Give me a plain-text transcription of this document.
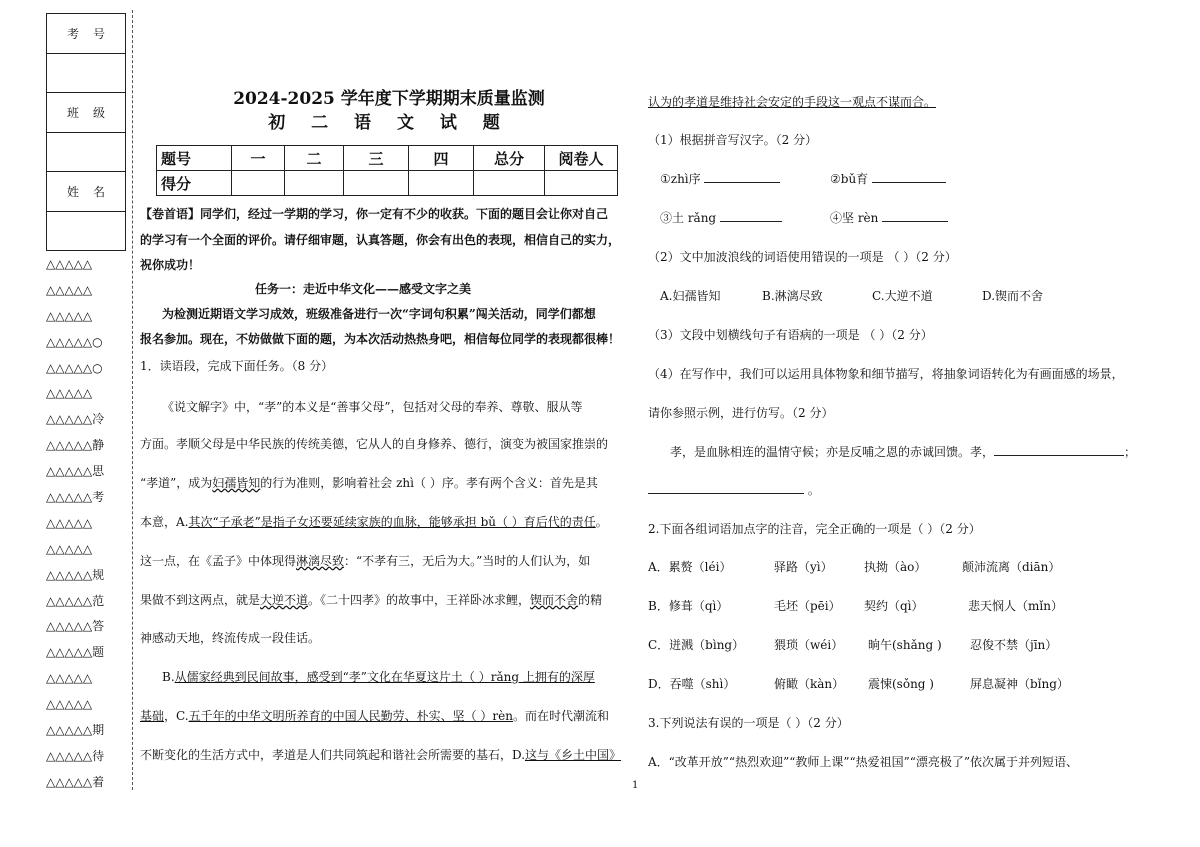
考号
班级
姓名
△△△△△
△△△△△
△△△△△
△△△△△○
△△△△△○
△△△△△
△△△△△冷
△△△△△静
△△△△△思
△△△△△考
△△△△△
△△△△△
△△△△△规
△△△△△范
△△△△△答
△△△△△题
△△△△△
△△△△△
△△△△△期
△△△△△待
△△△△△着
2024-2025 学年度下学期期末质量监测
初 二 语 文 试 题
题号	一	二	三	四	总分	阅卷人
得分						
【卷首语】同学们，经过一学期的学习，你一定有不少的收获。下面的题目会让你对自己
的学习有一个全面的评价。请仔细审题，认真答题，你会有出色的表现，相信自己的实力，
祝你成功！
任务一：走近中华文化——感受文字之美
为检测近期语文学习成效，班级准备进行一次“字词句积累”闯关活动，同学们都想
报名参加。现在，不妨做做下面的题，为本次活动热热身吧，相信每位同学的表现都很棒！
1．读语段，完成下面任务。（8 分）
《说文解字》中，“孝”的本义是“善事父母”，包括对父母的奉养、尊敬、服从等
方面。孝顺父母是中华民族的传统美德，它从人的自身修养、德行，演变为被国家推崇的
“孝道”，成为妇孺皆知的行为准则，影响着社会 zhì（ ）序。孝有两个含义：首先是其
本意，A.其次“子承老”是指子女还要延续家族的血脉，能够承担 bǔ（ ）育后代的责任。
这一点，在《孟子》中体现得淋漓尽致：“不孝有三，无后为大。”当时的人们认为，如
果做不到这两点，就是大逆不道。《二十四孝》的故事中，王祥卧冰求鲤，锲而不舍的精
神感动天地，终流传成一段佳话。
B.从儒家经典到民间故事，感受到“孝”文化在华夏这片土（ ）rǎng 上拥有的深厚
基础，C.五千年的中华文明所养育的中国人民勤劳、朴实、坚（ ）rèn。而在时代潮流和
不断变化的生活方式中，孝道是人们共同筑起和谐社会所需要的基石，D.这与《乡土中国》
认为的孝道是维持社会安定的手段这一观点不谋而合。
（1）根据拼音写汉字。（2 分）
①zhì序	②bǔ育
③土 rǎng	④坚 rèn
（2）文中加波浪线的词语使用错误的一项是 （ ）（2 分）
A.妇孺皆知	B.淋漓尽致	C.大逆不道	D.锲而不舍
（3）文段中划横线句子有语病的一项是 （ ）（2 分）
（4）在写作中，我们可以运用具体物象和细节描写，将抽象词语转化为有画面感的场景，
请你参照示例，进行仿写。（2 分）
孝，是血脉相连的温情守候；亦是反哺之恩的赤诚回馈。孝，	；
。
2.下面各组词语加点字的注音，完全正确的一项是（ ）（2 分）
A．累赘（léi）	驿路（yì）	执拗（ào）	颠沛流离（diān）
B．修葺（qì）	毛坯（pēi） 契约（qì）	悲天悯人（mǐn）
C．迸溅（bìng） 猥琐（wéi） 晌午(shǎng ) 忍俊不禁（jīn）
D．吞噬（shì）	俯瞰（kàn） 震悚(sǒng )	屏息凝神（bǐng）
3.下列说法有误的一项是（ ）（2 分）
A．“改革开放”“热烈欢迎”“教师上课”“热爱祖国”“漂亮极了”依次属于并列短语、
1
